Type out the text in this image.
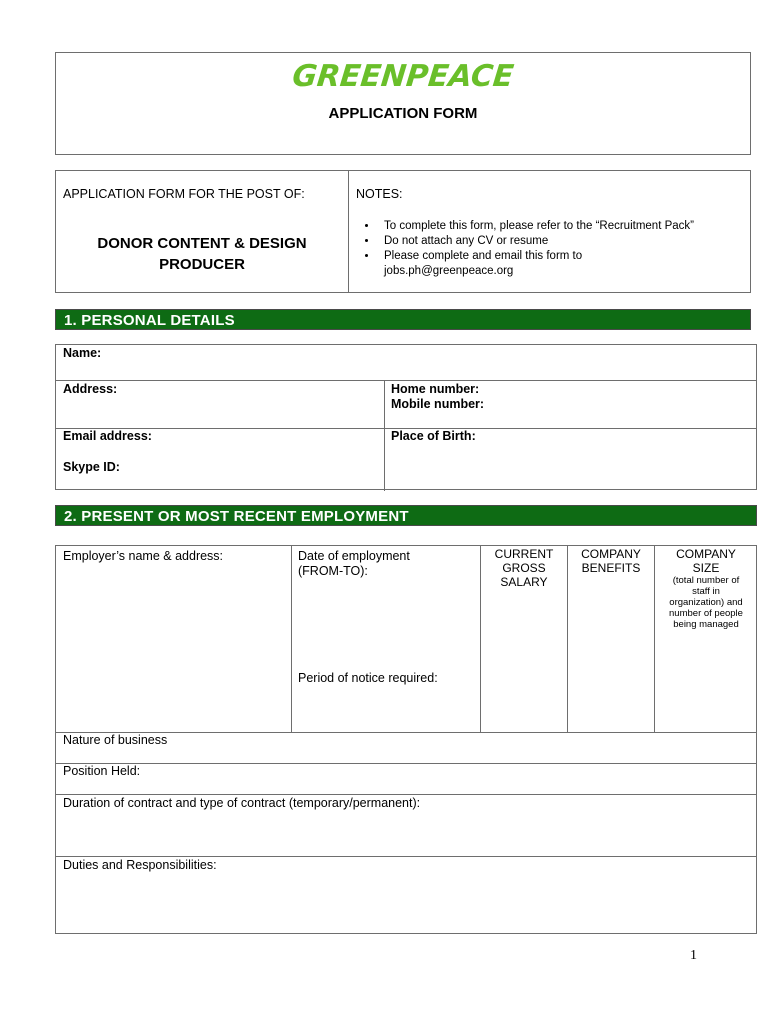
GREENPEACE
APPLICATION FORM
APPLICATION FORM FOR THE POST OF:
DONOR CONTENT & DESIGN
PRODUCER
NOTES:
• To complete this form, please refer to the “Recruitment Pack”
• Do not attach any CV or resume
• Please complete and email this form to jobs.ph@greenpeace.org
1. PERSONAL DETAILS
Name:
Address:	Home number:
Mobile number:
Email address:
Skype ID:
Place of Birth:
2. PRESENT OR MOST RECENT EMPLOYMENT
Employer’s name & address:	Date of employment
(FROM-TO):
Period of notice required:
CURRENT
GROSS
SALARY
COMPANY
BENEFITS
COMPANY
SIZE
(total number of
staff in
organization) and
number of people
being managed
Nature of business
Position Held:
Duration of contract and type of contract (temporary/permanent):
Duties and Responsibilities:
1
